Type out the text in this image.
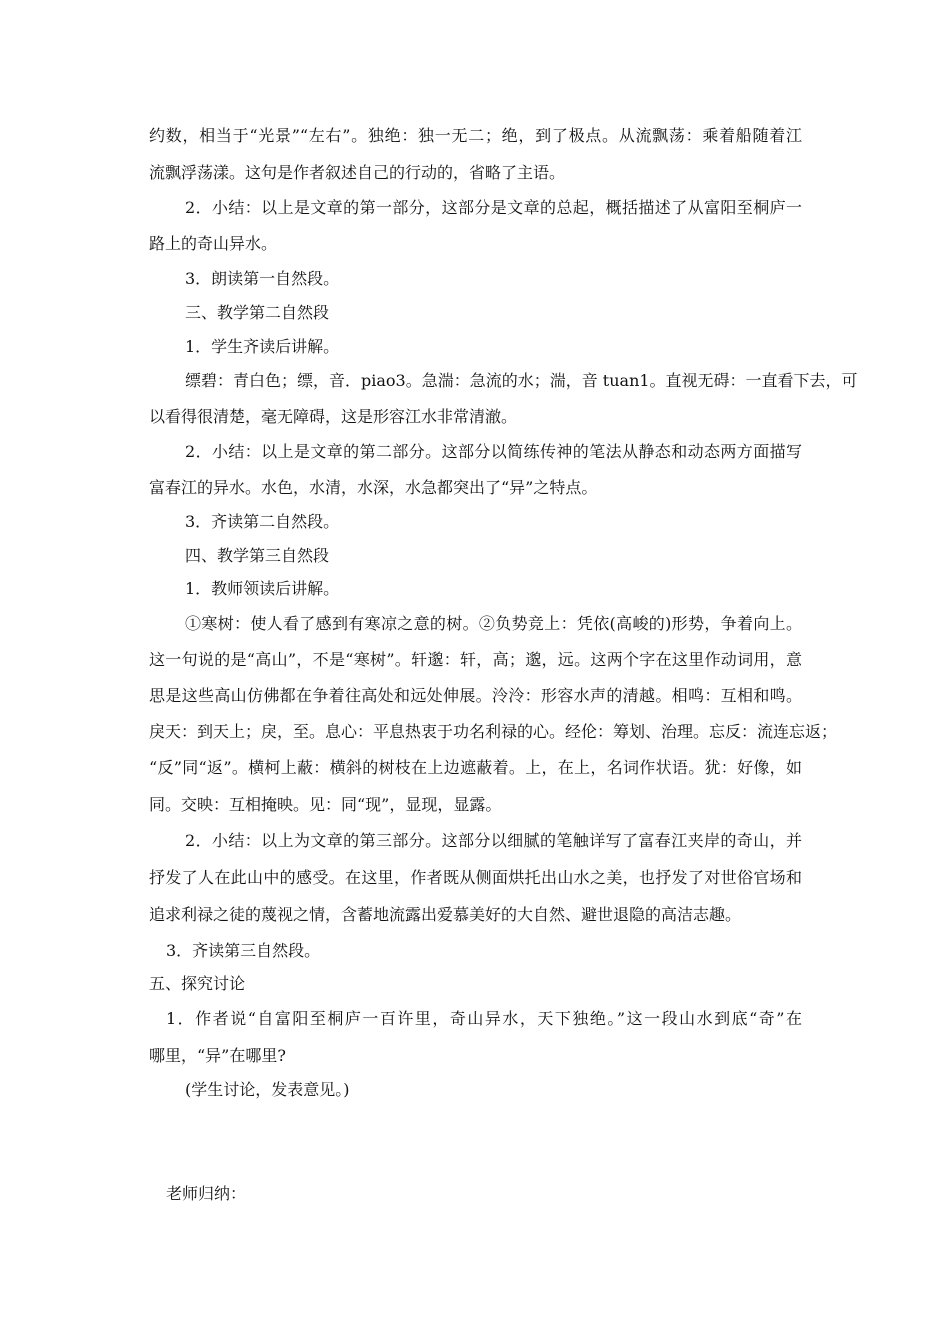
约数，相当于“光景”“左右”。独绝：独一无二；绝，到了极点。从流飘荡：乘着船随着江

流飘浮荡漾。这句是作者叙述自己的行动的，省略了主语。

2．小结：以上是文章的第一部分，这部分是文章的总起，概括描述了从富阳至桐庐一

路上的奇山异水。

3．朗读第一自然段。

三、教学第二自然段

1．学生齐读后讲解。

缥碧：青白色；缥，音．piao3。急湍：急流的水；湍，音 tuan1。直视无碍：一直看下去，可

以看得很清楚，毫无障碍，这是形容江水非常清澈。

2．小结：以上是文章的第二部分。这部分以简练传神的笔法从静态和动态两方面描写

富春江的异水。水色，水清，水深，水急都突出了“异”之特点。

3．齐读第二自然段。

四、教学第三自然段

1．教师领读后讲解。

①寒树：使人看了感到有寒凉之意的树。②负势竞上：凭依(高峻的)形势，争着向上。

这一句说的是“高山”，不是“寒树”。轩邈：轩，高；邈，远。这两个字在这里作动词用，意

思是这些高山仿佛都在争着往高处和远处伸展。泠泠：形容水声的清越。相鸣：互相和鸣。

戾天：到天上；戾，至。息心：平息热衷于功名利禄的心。经伦：筹划、治理。忘反：流连忘返；

“反”同“返”。横柯上蔽：横斜的树枝在上边遮蔽着。上，在上，名词作状语。犹：好像，如

同。交映：互相掩映。见：同“现”，显现，显露。

2．小结：以上为文章的第三部分。这部分以细腻的笔触详写了富春江夹岸的奇山，并

抒发了人在此山中的感受。在这里，作者既从侧面烘托出山水之美，也抒发了对世俗官场和

追求利禄之徒的蔑视之情，含蓄地流露出爱慕美好的大自然、避世退隐的高洁志趣。

3．齐读第三自然段。

五、探究讨论

1．作者说“自富阳至桐庐一百许里，奇山异水，天下独绝。”这一段山水到底“奇”在

哪里，“异”在哪里?

(学生讨论，发表意见。)

老师归纳：
